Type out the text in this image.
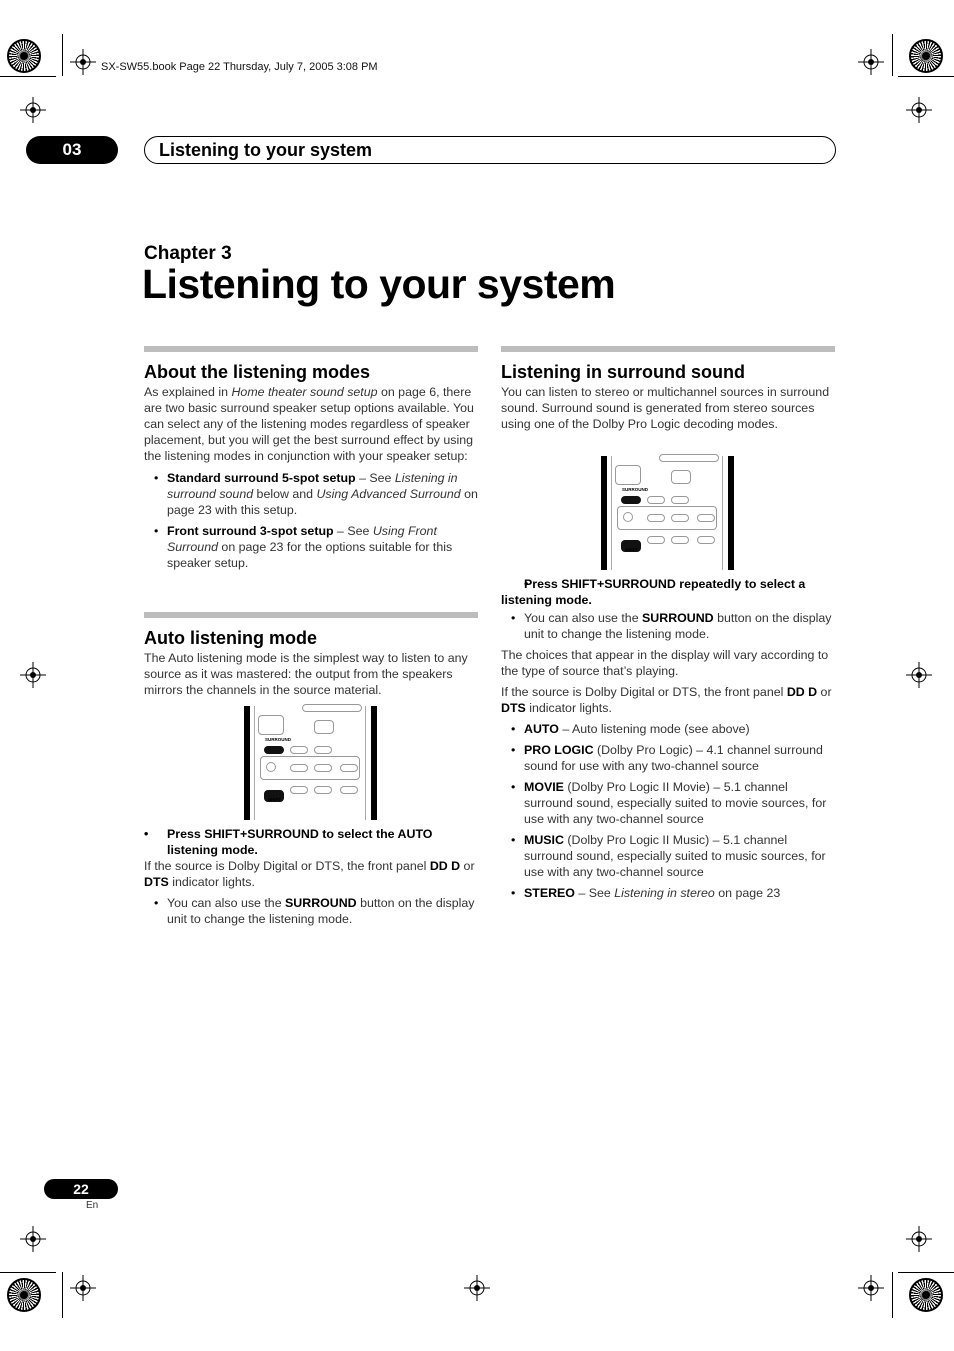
SX-SW55.book Page 22 Thursday, July 7, 2005 3:08 PM
03	Listening to your system
Chapter 3
Listening to your system
About the listening modes

As explained in Home theater sound setup on page 6, there are two basic surround speaker setup options available. You can select any of the listening modes regardless of speaker placement, but you will get the best surround effect by using the listening modes in conjunction with your speaker setup:

• Standard surround 5-spot setup – See Listening in surround sound below and Using Advanced Surround on page 23 with this setup.
• Front surround 3-spot setup – See Using Front Surround on page 23 for the options suitable for this speaker setup.
Auto listening mode

The Auto listening mode is the simplest way to listen to any source as it was mastered: the output from the speakers mirrors the channels in the source material.

SURROUND
SHIFT
• Press SHIFT+SURROUND to select the AUTO listening mode.

If the source is Dolby Digital or DTS, the front panel DD D or DTS indicator lights.

• You can also use the SURROUND button on the display unit to change the listening mode.
Listening in surround sound

You can listen to stereo or multichannel sources in surround sound. Surround sound is generated from stereo sources using one of the Dolby Pro Logic decoding modes.

SURROUND
SHIFT
• Press SHIFT+SURROUND repeatedly to select a listening mode.
• You can also use the SURROUND button on the display unit to change the listening mode.

The choices that appear in the display will vary according to the type of source that’s playing.

If the source is Dolby Digital or DTS, the front panel DD D or DTS indicator lights.

• AUTO – Auto listening mode (see above)
• PRO LOGIC (Dolby Pro Logic) – 4.1 channel surround sound for use with any two-channel source
• MOVIE (Dolby Pro Logic II Movie) – 5.1 channel surround sound, especially suited to movie sources, for use with any two-channel source
• MUSIC (Dolby Pro Logic II Music) – 5.1 channel surround sound, especially suited to music sources, for use with any two-channel source
• STEREO – See Listening in stereo on page 23
22
En
